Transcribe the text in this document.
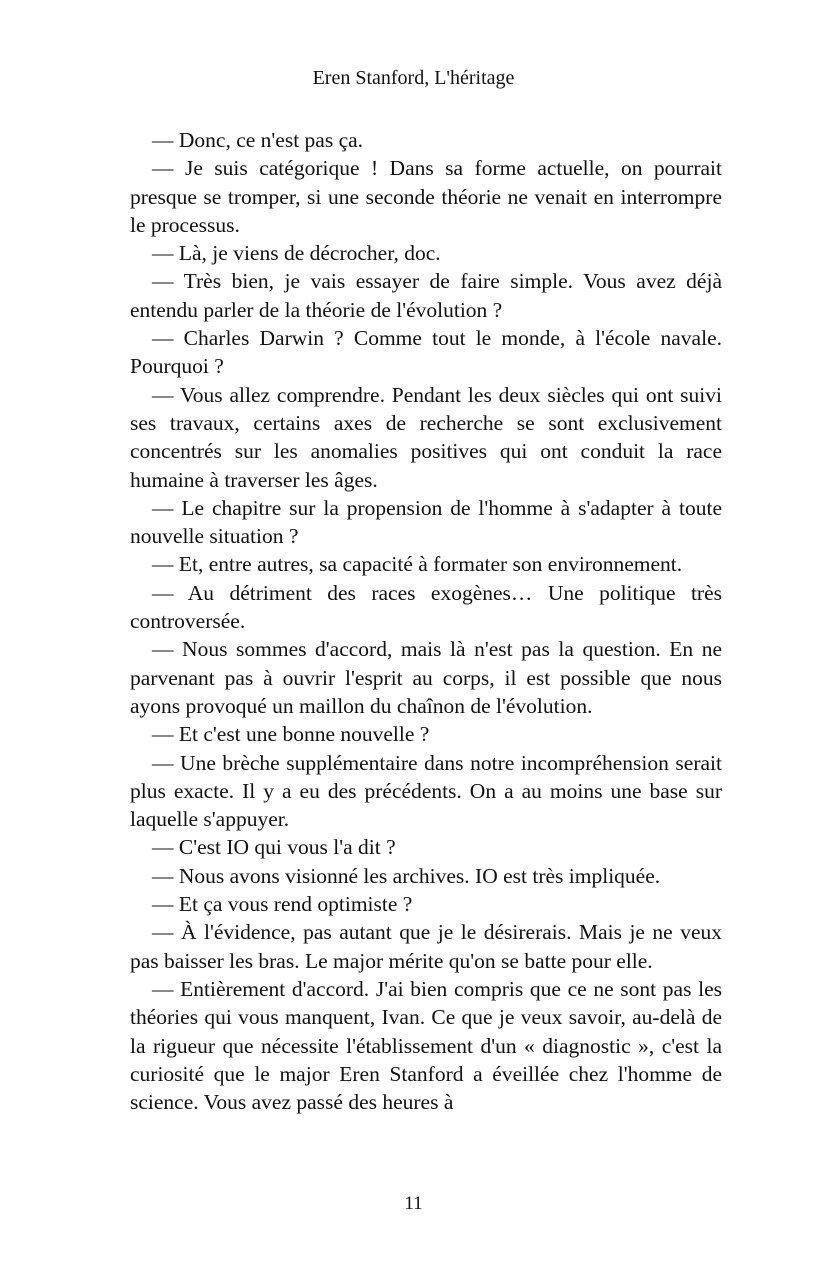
Eren Stanford, L'héritage

— Donc, ce n'est pas ça.

— Je suis catégorique ! Dans sa forme actuelle, on pourrait presque se tromper, si une seconde théorie ne venait en interrompre le processus.

— Là, je viens de décrocher, doc.

— Très bien, je vais essayer de faire simple. Vous avez déjà entendu parler de la théorie de l'évolution ?

— Charles Darwin ? Comme tout le monde, à l'école navale. Pourquoi ?

— Vous allez comprendre. Pendant les deux siècles qui ont suivi ses travaux, certains axes de recherche se sont exclusivement concentrés sur les anomalies positives qui ont conduit la race humaine à traverser les âges.

— Le chapitre sur la propension de l'homme à s'adapter à toute nouvelle situation ?

— Et, entre autres, sa capacité à formater son environnement.

— Au détriment des races exogènes… Une politique très controversée.

— Nous sommes d'accord, mais là n'est pas la question. En ne parvenant pas à ouvrir l'esprit au corps, il est possible que nous ayons provoqué un maillon du chaînon de l'évolution.

— Et c'est une bonne nouvelle ?

— Une brèche supplémentaire dans notre incompréhension serait plus exacte. Il y a eu des précédents. On a au moins une base sur laquelle s'appuyer.

— C'est IO qui vous l'a dit ?

— Nous avons visionné les archives. IO est très impliquée.

— Et ça vous rend optimiste ?

— À l'évidence, pas autant que je le désirerais. Mais je ne veux pas baisser les bras. Le major mérite qu'on se batte pour elle.

— Entièrement d'accord. J'ai bien compris que ce ne sont pas les théories qui vous manquent, Ivan. Ce que je veux savoir, au-delà de la rigueur que nécessite l'établissement d'un « diagnostic », c'est la curiosité que le major Eren Stanford a éveillée chez l'homme de science. Vous avez passé des heures à

11
